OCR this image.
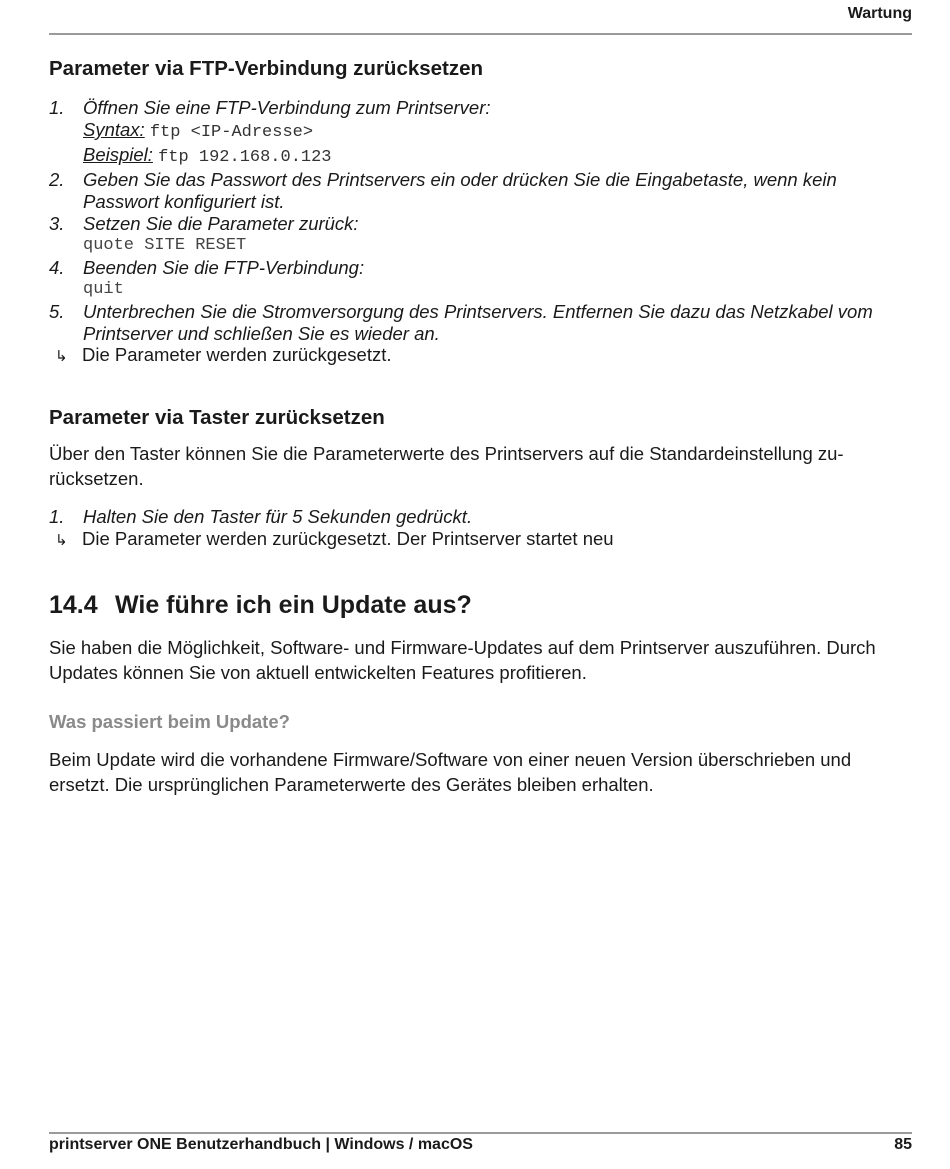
Wartung
Parameter via FTP-Verbindung zurücksetzen
1. Öffnen Sie eine FTP-Verbindung zum Printserver:
Syntax: ftp <IP-Adresse>
Beispiel: ftp 192.168.0.123
2. Geben Sie das Passwort des Printservers ein oder drücken Sie die Eingabetaste, wenn kein Passwort konfiguriert ist.
3. Setzen Sie die Parameter zurück:
quote SITE RESET
4. Beenden Sie die FTP-Verbindung:
quit
5. Unterbrechen Sie die Stromversorgung des Printservers. Entfernen Sie dazu das Netzkabel vom Printserver und schließen Sie es wieder an.
↳ Die Parameter werden zurückgesetzt.
Parameter via Taster zurücksetzen

Über den Taster können Sie die Parameterwerte des Printservers auf die Standardeinstellung zu-rücksetzen.

1. Halten Sie den Taster für 5 Sekunden gedrückt.
↳ Die Parameter werden zurückgesetzt. Der Printserver startet neu
14.4 Wie führe ich ein Update aus?

Sie haben die Möglichkeit, Software- und Firmware-Updates auf dem Printserver auszuführen. Durch Updates können Sie von aktuell entwickelten Features profitieren.

Was passiert beim Update?

Beim Update wird die vorhandene Firmware/Software von einer neuen Version überschrieben und ersetzt. Die ursprünglichen Parameterwerte des Gerätes bleiben erhalten.

printserver ONE Benutzerhandbuch | Windows / macOS	85
